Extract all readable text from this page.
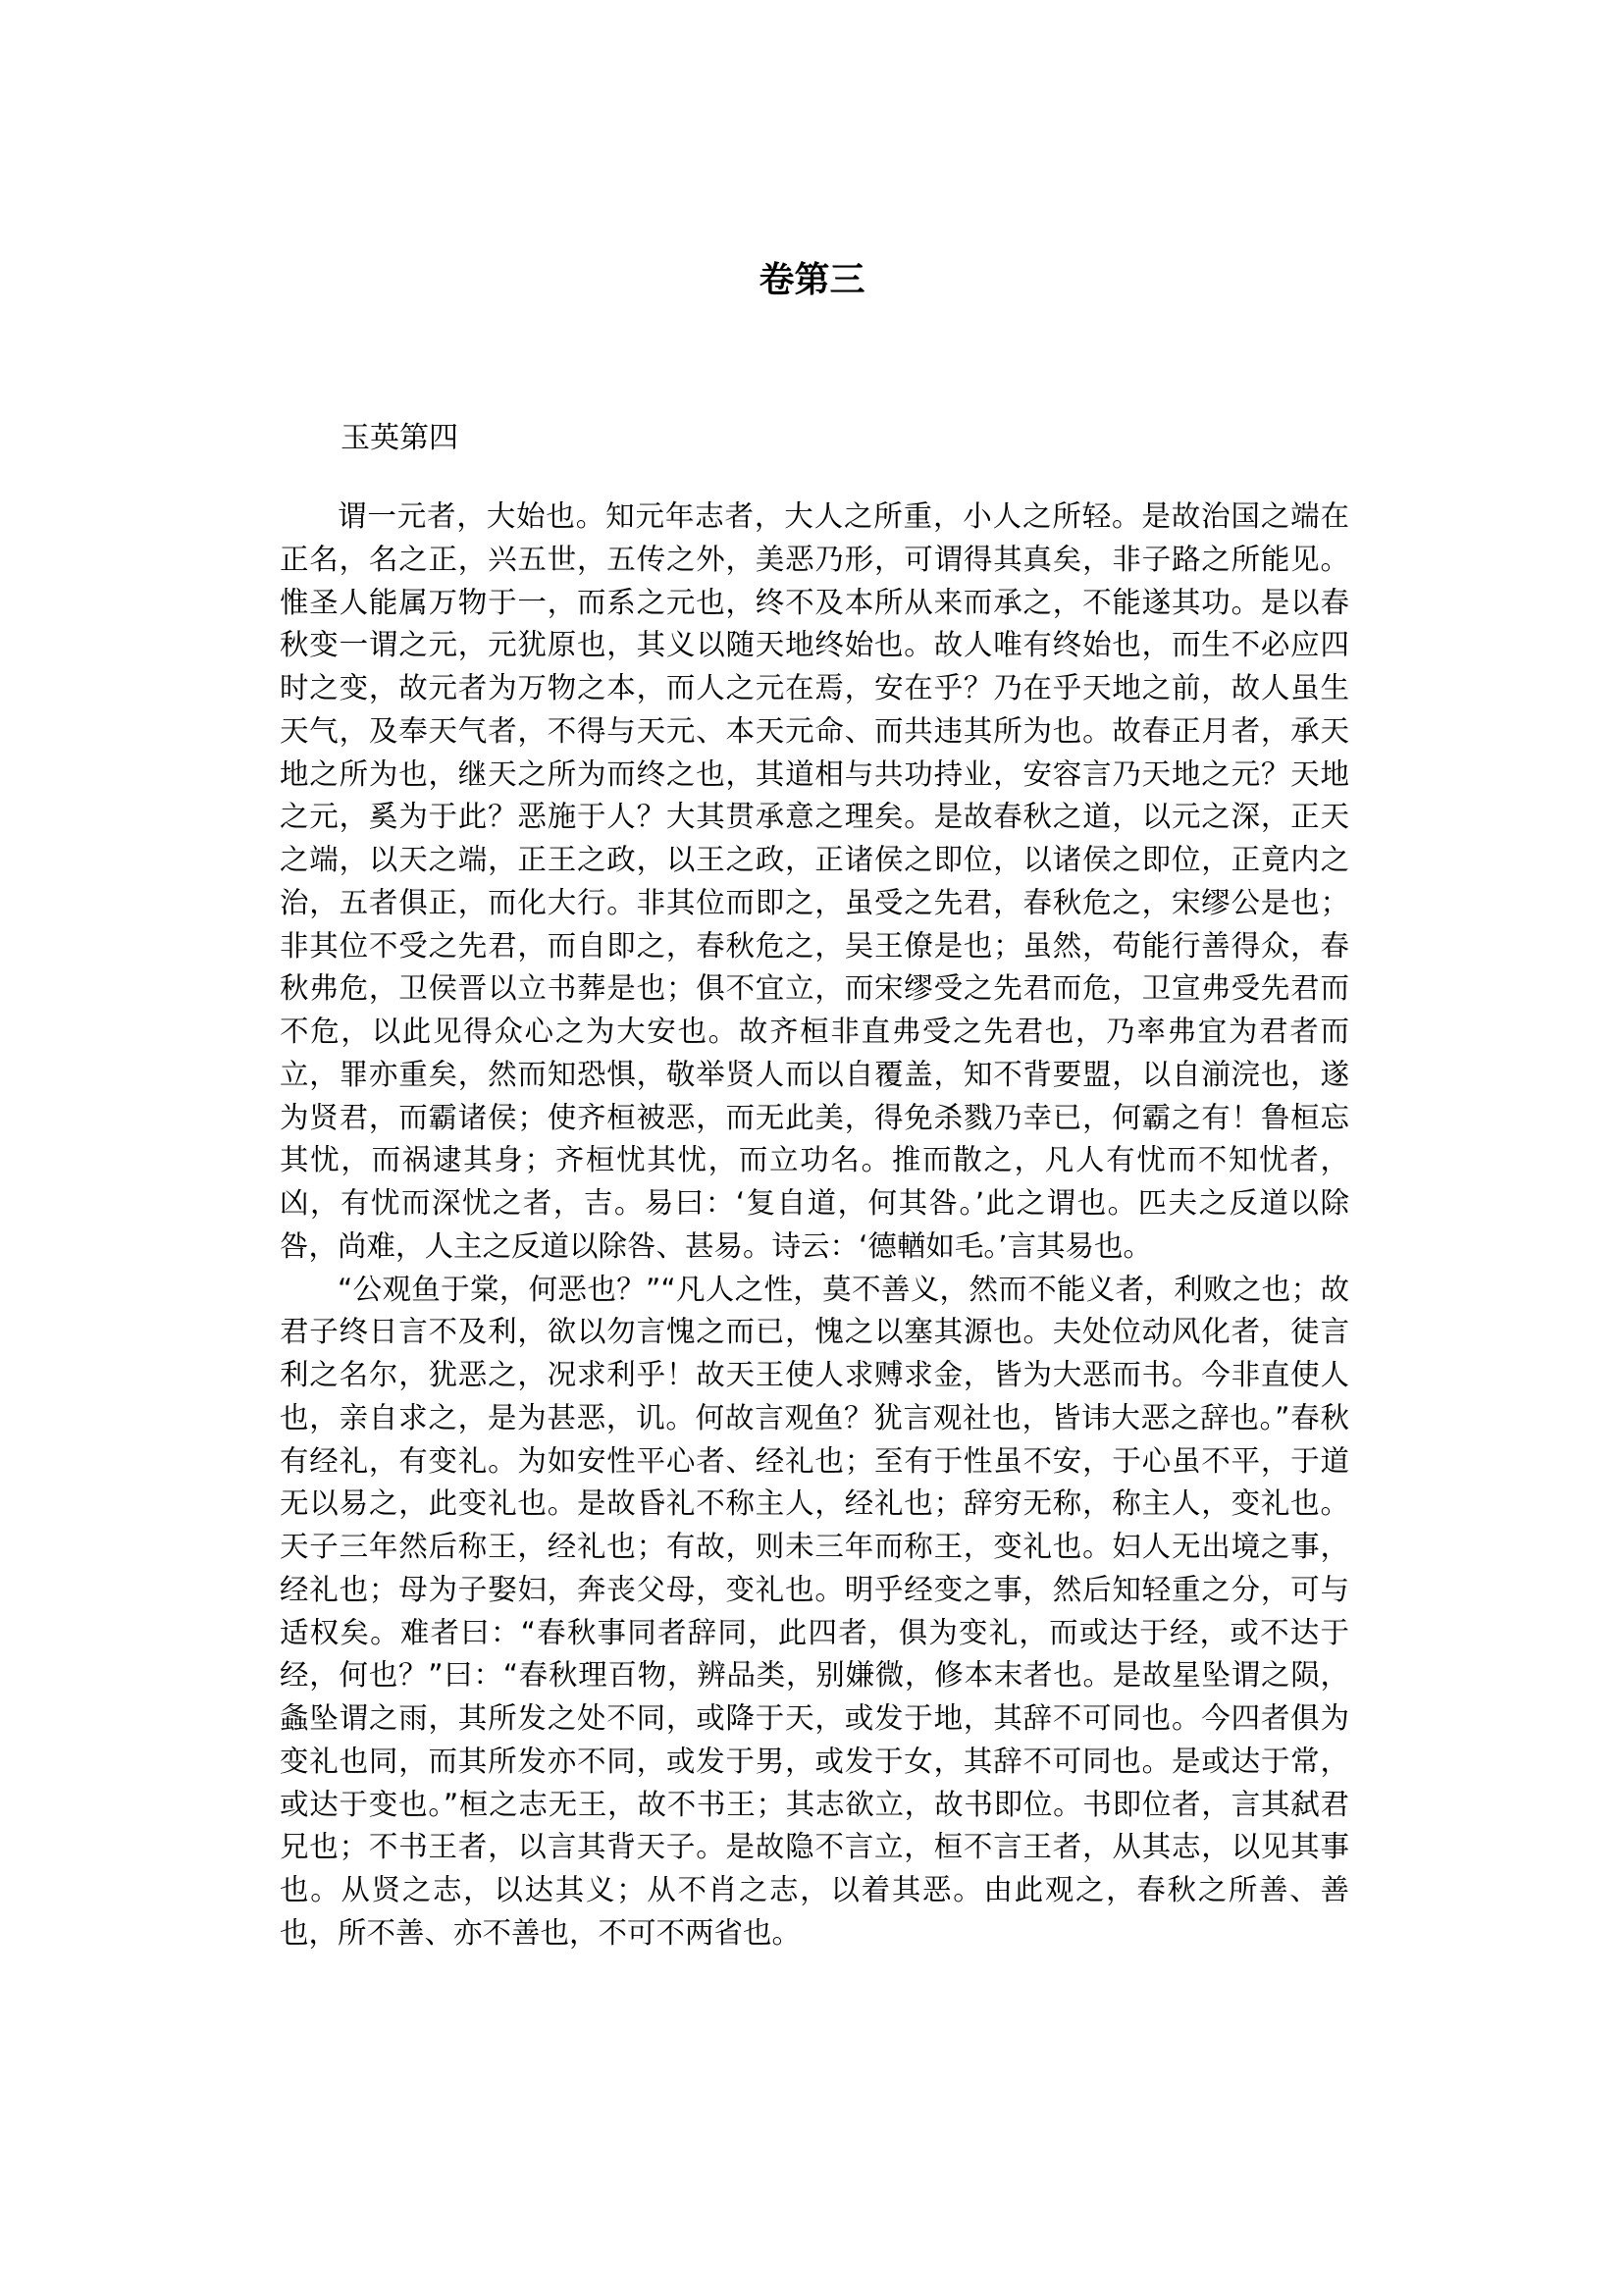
卷第三
玉英第四

谓一元者，大始也。知元年志者，大人之所重，小人之所轻。是故治国之端在正名，名之正，兴五世，五传之外，美恶乃形，可谓得其真矣，非子路之所能见。惟圣人能属万物于一，而系之元也，终不及本所从来而承之，不能遂其功。是以春秋变一谓之元，元犹原也，其义以随天地终始也。故人唯有终始也，而生不必应四时之变，故元者为万物之本，而人之元在焉，安在乎？乃在乎天地之前，故人虽生天气，及奉天气者，不得与天元、本天元命、而共违其所为也。故春正月者，承天地之所为也，继天之所为而终之也，其道相与共功持业，安容言乃天地之元？天地之元，奚为于此？恶施于人？大其贯承意之理矣。是故春秋之道，以元之深，正天之端，以天之端，正王之政，以王之政，正诸侯之即位，以诸侯之即位，正竟内之治，五者俱正，而化大行。非其位而即之，虽受之先君，春秋危之，宋缪公是也；非其位不受之先君，而自即之，春秋危之，吴王僚是也；虽然，苟能行善得众，春秋弗危，卫侯晋以立书葬是也；俱不宜立，而宋缪受之先君而危，卫宣弗受先君而不危，以此见得众心之为大安也。故齐桓非直弗受之先君也，乃率弗宜为君者而立，罪亦重矣，然而知恐惧，敬举贤人而以自覆盖，知不背要盟，以自湔浣也，遂为贤君，而霸诸侯；使齐桓被恶，而无此美，得免杀戮乃幸已，何霸之有！鲁桓忘其忧，而祸逮其身；齐桓忧其忧，而立功名。推而散之，凡人有忧而不知忧者，凶，有忧而深忧之者，吉。易曰：‘复自道，何其咎。’此之谓也。匹夫之反道以除咎，尚难，人主之反道以除咎、甚易。诗云：‘德輶如毛。’言其易也。

“公观鱼于棠，何恶也？”“凡人之性，莫不善义，然而不能义者，利败之也；故君子终日言不及利，欲以勿言愧之而已，愧之以塞其源也。夫处位动风化者，徒言利之名尔，犹恶之，况求利乎！故天王使人求赙求金，皆为大恶而书。今非直使人也，亲自求之，是为甚恶，讥。何故言观鱼？犹言观社也，皆讳大恶之辞也。”春秋有经礼，有变礼。为如安性平心者、经礼也；至有于性虽不安，于心虽不平，于道无以易之，此变礼也。是故昏礼不称主人，经礼也；辞穷无称，称主人，变礼也。天子三年然后称王，经礼也；有故，则未三年而称王，变礼也。妇人无出境之事，经礼也；母为子娶妇，奔丧父母，变礼也。明乎经变之事，然后知轻重之分，可与适权矣。难者曰：“春秋事同者辞同，此四者，俱为变礼，而或达于经，或不达于经，何也？”曰：“春秋理百物，辨品类，别嫌微，修本末者也。是故星坠谓之陨，螽坠谓之雨，其所发之处不同，或降于天，或发于地，其辞不可同也。今四者俱为变礼也同，而其所发亦不同，或发于男，或发于女，其辞不可同也。是或达于常，或达于变也。”桓之志无王，故不书王；其志欲立，故书即位。书即位者，言其弑君兄也；不书王者，以言其背天子。是故隐不言立，桓不言王者，从其志，以见其事也。从贤之志，以达其义；从不肖之志，以着其恶。由此观之，春秋之所善、善也，所不善、亦不善也，不可不两省也。
